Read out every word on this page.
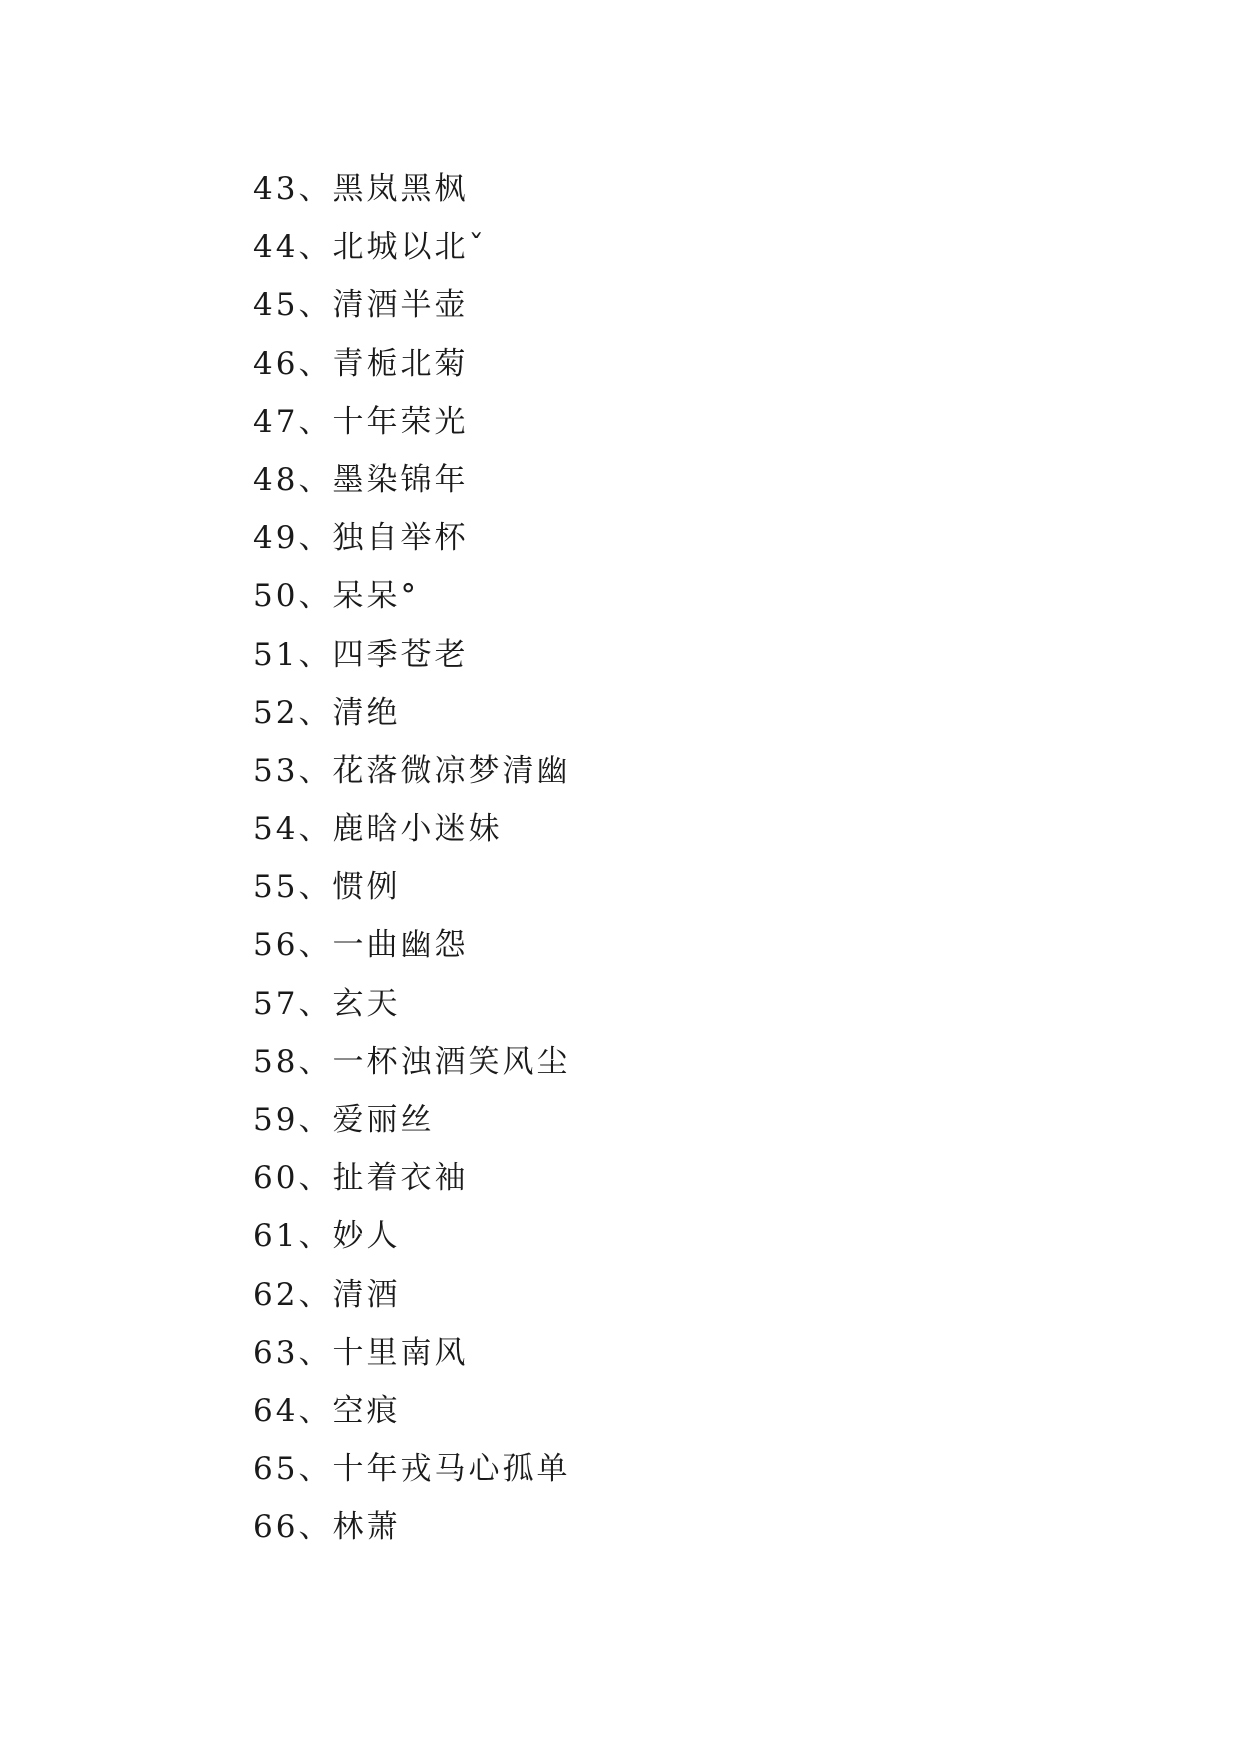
43、黑岚黑枫
44、北城以北ˇ
45、清酒半壶
46、青栀北菊
47、十年荣光
48、墨染锦年
49、独自举杯
50、呆呆°
51、四季苍老
52、清绝
53、花落微凉梦清幽
54、鹿晗小迷妹
55、惯例
56、一曲幽怨
57、玄天
58、一杯浊酒笑风尘
59、爱丽丝
60、扯着衣袖
61、妙人
62、清酒
63、十里南风
64、空痕
65、十年戎马心孤单
66、林萧
